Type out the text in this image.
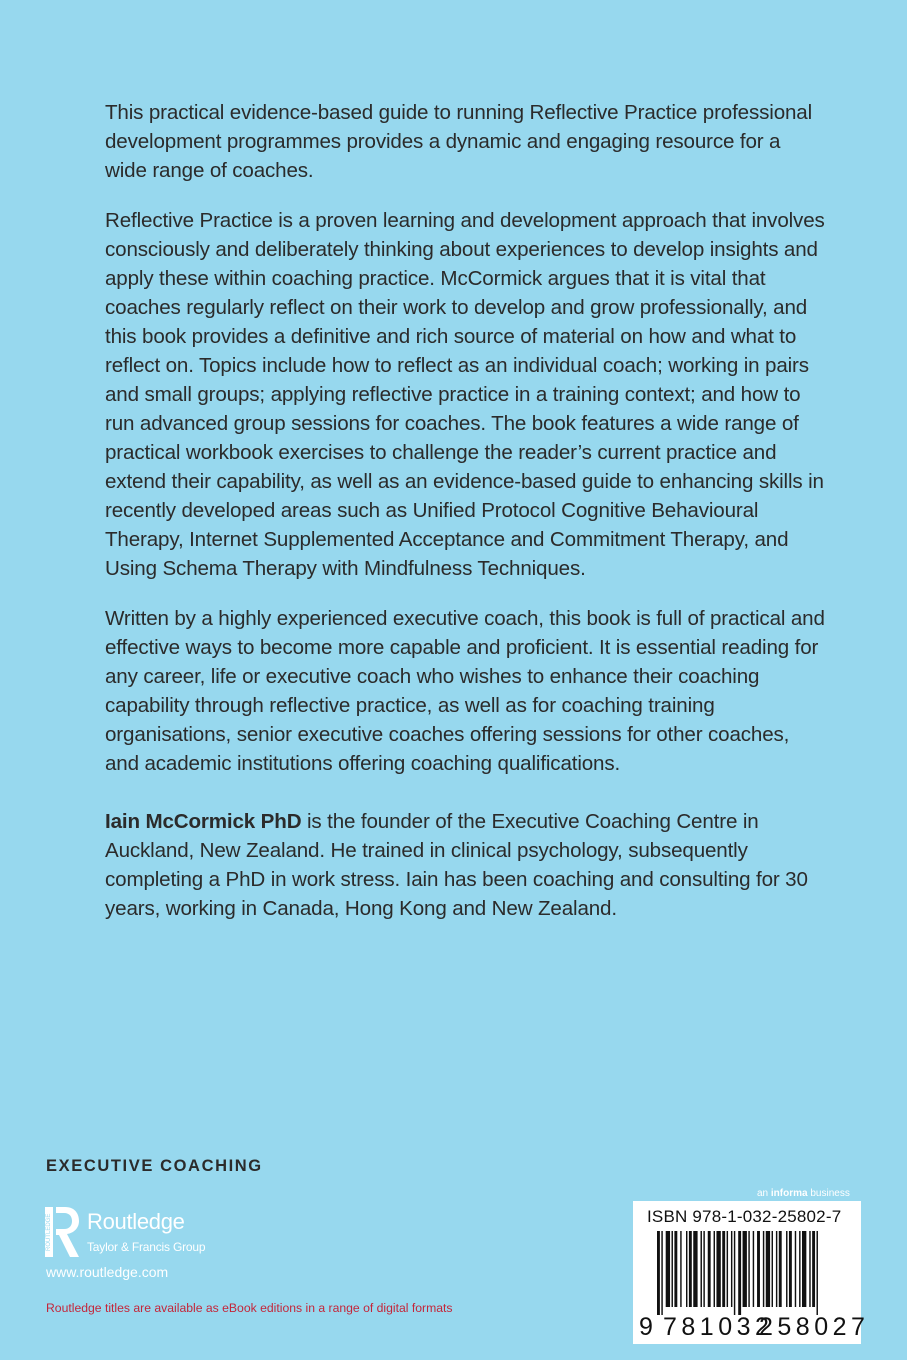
This practical evidence-based guide to running Reflective Practice professional development programmes provides a dynamic and engaging resource for a wide range of coaches.

Reflective Practice is a proven learning and development approach that involves consciously and deliberately thinking about experiences to develop insights and apply these within coaching practice. McCormick argues that it is vital that coaches regularly reflect on their work to develop and grow professionally, and this book provides a definitive and rich source of material on how and what to reflect on. Topics include how to reflect as an individual coach; working in pairs and small groups; applying reflective practice in a training context; and how to run advanced group sessions for coaches. The book features a wide range of practical workbook exercises to challenge the reader’s current practice and extend their capability, as well as an evidence-based guide to enhancing skills in recently developed areas such as Unified Protocol Cognitive Behavioural Therapy, Internet Supplemented Acceptance and Commitment Therapy, and Using Schema Therapy with Mindfulness Techniques.

Written by a highly experienced executive coach, this book is full of practical and effective ways to become more capable and proficient. It is essential reading for any career, life or executive coach who wishes to enhance their coaching capability through reflective practice, as well as for coaching training organisations, senior executive coaches offering sessions for other coaches, and academic institutions offering coaching qualifications.

Iain McCormick PhD is the founder of the Executive Coaching Centre in Auckland, New Zealand. He trained in clinical psychology, subsequently completing a PhD in work stress. Iain has been coaching and consulting for 30 years, working in Canada, Hong Kong and New Zealand.

EXECUTIVE COACHING
ROUTLEDGE Routledge
Taylor & Francis Group
www.routledge.com
Routledge titles are available as eBook editions in a range of digital formats
an informa business
ISBN 978-1-032-25802-7
9 781032
258027
